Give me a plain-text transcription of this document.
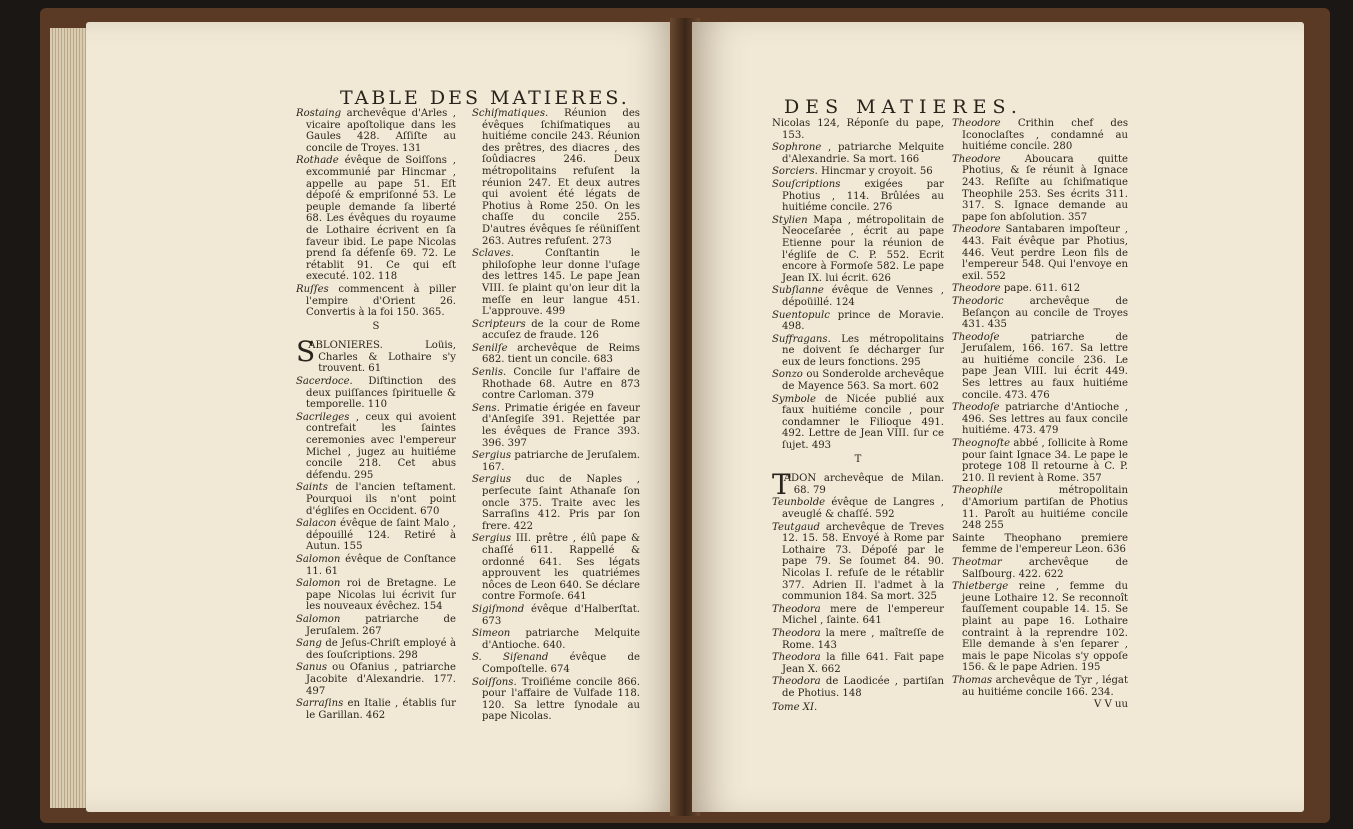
TABLE DES MATIERES.
Rostaing archevêque d'Arles , vicaire apoſtolique dans les Gaules 428. Aſſiſte au concile de Troyes. 131
Rothade évêque de Soiſſons , excommunié par Hincmar , appelle au pape 51. Eſt dépoſé & empriſonné 53. Le peuple demande ſa liberté 68. Les évêques du royaume de Lothaire écrivent en ſa faveur ibid. Le pape Nicolas prend ſa défenſe 69. 72. Le rétablit 91. Ce qui eſt executé. 102. 118
Ruſſes commencent à piller l'empire d'Orient 26. Convertis à la foi 150. 365.
S
S
ABLONIERES. Loüis, Charles & Lothaire s'y trouvent. 61
Sacerdoce. Diſtinction des deux puiſſances ſpirituelle & temporelle. 110
Sacrileges , ceux qui avoient contrefait les ſaintes ceremonies avec l'empereur Michel , jugez au huitiéme concile 218. Cet abus défendu. 295
Saints de l'ancien teſtament. Pourquoi ils n'ont point d'égliſes en Occident. 670
Salacon évêque de ſaint Malo , dépouillé 124. Retiré à Autun. 155
Salomon évêque de Conſtance 11. 61
Salomon roi de Bretagne. Le pape Nicolas lui écrivit ſur les nouveaux évêchez. 154
Salomon patriarche de Jeruſalem. 267
Sang de Jeſus-Chriſt employé à des ſouſcriptions. 298
Sanus ou Ofanius , patriarche Jacobite d'Alexandrie. 177. 497
Sarraſins en Italie , établis ſur le Garillan. 462
Schiſmatiques. Réunion des évêques ſchiſmatiques au huitiéme concile 243. Réunion des prêtres, des diacres , des ſoûdiacres 246. Deux métropolitains refuſent la réunion 247. Et deux autres qui avoient été légats de Photius à Rome 250. On les chaſſe du concile 255. D'autres évêques ſe réüniſſent 263. Autres refuſent. 273
Sclaves. Conſtantin le philoſophe leur donne l'uſage des lettres 145. Le pape Jean VIII. ſe plaint qu'on leur dit la meſſe en leur langue 451. L'approuve. 499
Scripteurs de la cour de Rome accuſez de fraude. 126
Senilſe archevêque de Reims 682. tient un concile. 683
Senlis. Concile ſur l'affaire de Rhothade 68. Autre en 873 contre Carloman. 379
Sens. Primatie érigée en faveur d'Anſegiſe 391. Rejettée par les évêques de France 393. 396. 397
Sergius patriarche de Jeruſalem. 167.
Sergius duc de Naples , perſecute ſaint Athanaſe ſon oncle 375. Traite avec les Sarraſins 412. Pris par ſon frere. 422
Sergius III. prêtre , élû pape & chaſſé 611. Rappellé & ordonné 641. Ses légats approuvent les quatriémes nôces de Leon 640. Se déclare contre Formoſe. 641
Sigiſmond évêque d'Halberſtat. 673
Simeon patriarche Melquite d'Antioche. 640.
S. Siſenand évêque de Compoſtelle. 674
Soiſſons. Troiſiéme concile 866. pour l'affaire de Vulfade 118. 120. Sa lettre ſynodale au pape Nicolas.
DES MATIERES.
Nicolas 124, Réponſe du pape, 153.
Sophrone , patriarche Melquite d'Alexandrie. Sa mort. 166
Sorciers. Hincmar y croyoit. 56
Souſcriptions exigées par Photius , 114. Brûlées au huitiéme concile. 276
Stylien Mapa , métropolitain de Neoceſarée , écrit au pape Etienne pour la réunion de l'égliſe de C. P. 552. Ecrit encore à Formoſe 582. Le pape Jean IX. lui écrit. 626
Subſianne évêque de Vennes , dépoüillé. 124
Suentopulc prince de Moravie. 498.
Suffragans. Les métropolitains ne doivent ſe décharger ſur eux de leurs fonctions. 295
Sonzo ou Sonderolde archevêque de Mayence 563. Sa mort. 602
Symbole de Nicée publié aux faux huitiéme concile , pour condamner le Filioque 491. 492. Lettre de Jean VIII. ſur ce ſujet. 493
T
T
ADON archevêque de Milan. 68. 79
Teunbolde évêque de Langres , aveuglé & chaſſé. 592
Teutgaud archevêque de Treves 12. 15. 58. Envoyé à Rome par Lothaire 73. Dépoſé par le pape 79. Se ſoumet 84. 90. Nicolas I. refuſe de le rétablir 377. Adrien II. l'admet à la communion 184. Sa mort. 325
Theodora mere de l'empereur Michel , ſainte. 641
Theodora la mere , maîtreſſe de Rome. 143
Theodora la fille 641. Fait pape Jean X. 662
Theodora de Laodicée , partiſan de Photius. 148
Tome XI.
Theodore Crithin chef des Iconoclaſtes , condamné au huitiéme concile. 280
Theodore Aboucara quitte Photius, & ſe réunit à Ignace 243. Reſiſte au ſchiſmatique Theophile 253. Ses écrits 311. 317. S. Ignace demande au pape ſon abſolution. 357
Theodore Santabaren impoſteur , 443. Fait évêque par Photius, 446. Veut perdre Leon fils de l'empereur 548. Qui l'envoye en exil. 552
Theodore pape. 611. 612
Theodoric archevêque de Beſançon au concile de Troyes 431. 435
Theodoſe patriarche de Jeruſalem, 166. 167. Sa lettre au huitiéme concile 236. Le pape Jean VIII. lui écrit 449. Ses lettres au faux huitiéme concile. 473. 476
Theodoſe patriarche d'Antioche , 496. Ses lettres au faux concile huitiéme. 473. 479
Theognoſte abbé , ſollicite à Rome pour ſaint Ignace 34. Le pape le protege 108 Il retourne à C. P. 210. Il revient à Rome. 357
Theophile métropolitain d'Amorium partiſan de Photius 11. Paroît au huitiéme concile 248 255
Sainte Theophano premiere femme de l'empereur Leon. 636
Theotmar archevêque de Salſbourg. 422. 622
Thietberge reine , femme du jeune Lothaire 12. Se reconnoît fauſſement coupable 14. 15. Se plaint au pape 16. Lothaire contraint à la reprendre 102. Elle demande à s'en ſeparer , mais le pape Nicolas s'y oppoſe 156. & le pape Adrien. 195
Thomas archevêque de Tyr , légat au huitiéme concile 166. 234.
V V uu
